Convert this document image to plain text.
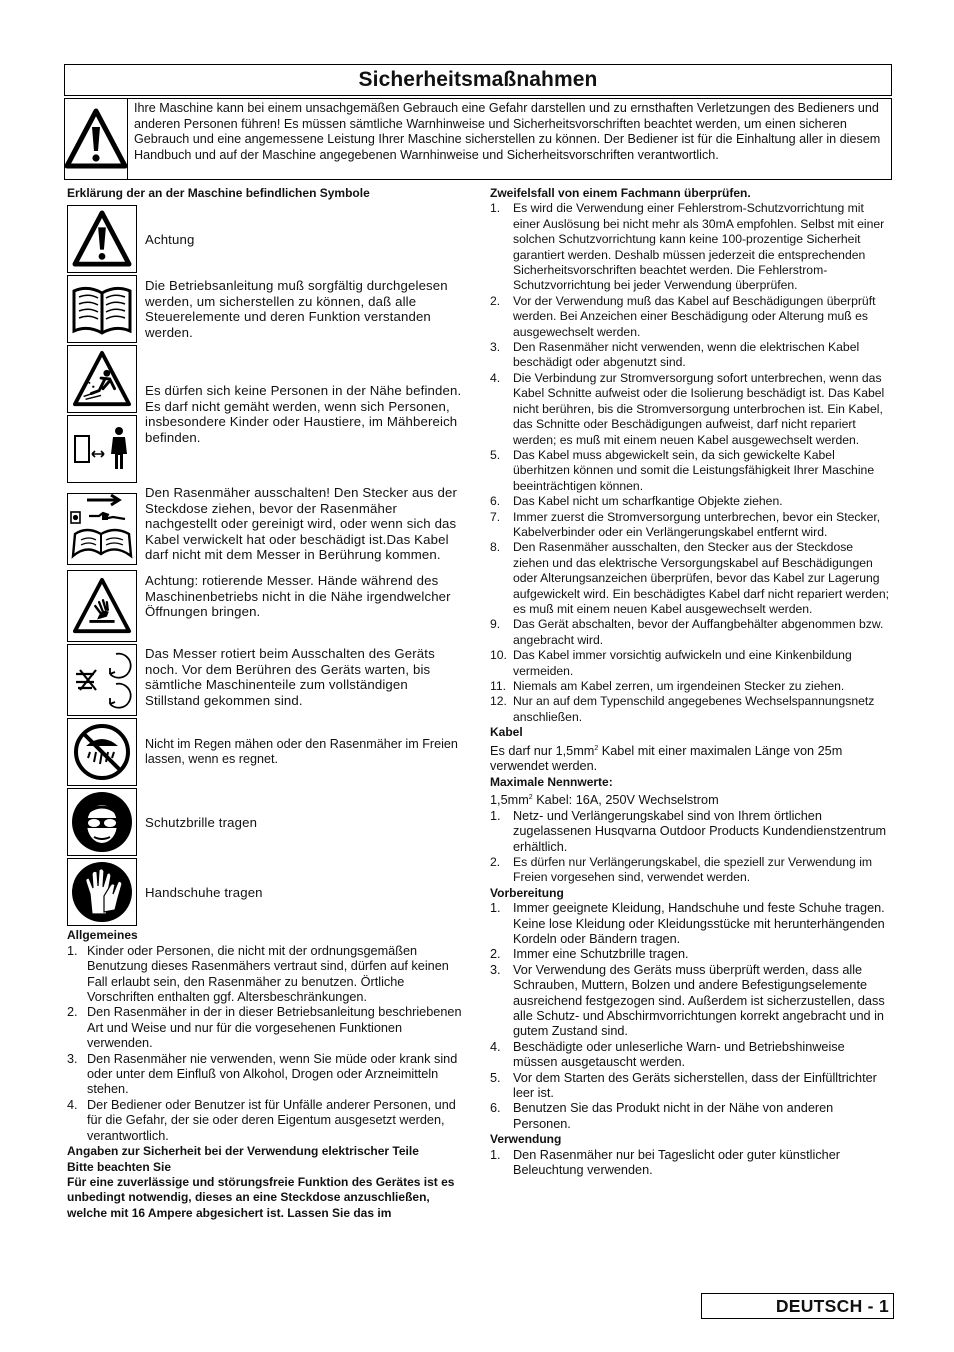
Sicherheitsmaßnahmen
Ihre Maschine kann bei einem unsachgemäßen Gebrauch eine Gefahr darstellen und zu ernsthaften Verletzungen des Bedieners und anderen Personen führen! Es müssen sämtliche Warnhinweise und Sicherheitsvorschriften beachtet werden, um einen sicheren Gebrauch und eine angemessene Leistung Ihrer Maschine sicherstellen zu können. Der Bediener ist für die Einhaltung aller in diesem Handbuch und auf der Maschine angegebenen Warnhinweise und Sicherheitsvorschriften verantwortlich.
Erklärung der an der Maschine befindlichen Symbole
Achtung
Die Betriebsanleitung muß sorgfältig durchgelesen werden, um sicherstellen zu können, daß alle Steuerelemente und deren Funktion verstanden werden.
Es dürfen sich keine Personen in der Nähe befinden. Es darf nicht gemäht werden, wenn sich Personen, insbesondere Kinder oder Haustiere, im Mähbereich befinden.
Den Rasenmäher ausschalten! Den Stecker aus der Steckdose ziehen, bevor der Rasenmäher nachgestellt oder gereinigt wird, oder wenn sich das Kabel verwickelt hat oder beschädigt ist.Das Kabel darf nicht mit dem Messer in Berührung kommen.
Achtung: rotierende Messer. Hände während des Maschinenbetriebs nicht in die Nähe irgendwelcher Öffnungen bringen.
Das Messer rotiert beim Ausschalten des Geräts noch. Vor dem Berühren des Geräts warten, bis sämtliche Maschinenteile zum vollständigen Stillstand gekommen sind.
Nicht im Regen mähen oder den Rasenmäher im Freien lassen, wenn es regnet.
Schutzbrille tragen
Handschuhe tragen
Allgemeines
1. Kinder oder Personen, die nicht mit der ordnungsgemäßen Benutzung dieses Rasenmähers vertraut sind, dürfen auf keinen Fall erlaubt sein, den Rasenmäher zu benutzen. Örtliche Vorschriften enthalten ggf. Altersbeschränkungen.
2. Den Rasenmäher in der in dieser Betriebsanleitung beschriebenen Art und Weise und nur für die vorgesehenen Funktionen verwenden.
3. Den Rasenmäher nie verwenden, wenn Sie müde oder krank sind oder unter dem Einfluß von Alkohol, Drogen oder Arzneimitteln stehen.
4. Der Bediener oder Benutzer ist für Unfälle anderer Personen, und für die Gefahr, der sie oder deren Eigentum ausgesetzt werden, verantwortlich.
Angaben zur Sicherheit bei der Verwendung elektrischer Teile
Bitte beachten Sie
Für eine zuverlässige und störungsfreie Funktion des Gerätes ist es unbedingt notwendig, dieses an eine Steckdose anzuschließen, welche mit 16 Ampere abgesichert ist. Lassen Sie das im
Zweifelsfall von einem Fachmann überprüfen.
1.	Es wird die Verwendung einer Fehlerstrom-Schutzvorrichtung mit einer Auslösung bei nicht mehr als 30mA empfohlen. Selbst mit einer solchen Schutzvorrichtung kann keine 100-prozentige Sicherheit garantiert werden. Deshalb müssen jederzeit die entsprechenden Sicherheitsvorschriften beachtet werden. Die Fehlerstrom-Schutzvorrichtung bei jeder Verwendung überprüfen.
2.	Vor der Verwendung muß das Kabel auf Beschädigungen überprüft werden. Bei Anzeichen einer Beschädigung oder Alterung muß es ausgewechselt werden.
3.	Den Rasenmäher nicht verwenden, wenn die elektrischen Kabel beschädigt oder abgenutzt sind.
4.	Die Verbindung zur Stromversorgung sofort unterbrechen, wenn das Kabel Schnitte aufweist oder die Isolierung beschädigt ist. Das Kabel nicht berühren, bis die Stromversorgung unterbrochen ist. Ein Kabel, das Schnitte oder Beschädigungen aufweist, darf nicht repariert werden; es muß mit einem neuen Kabel ausgewechselt werden.
5.	Das Kabel muss abgewickelt sein, da sich gewickelte Kabel überhitzen können und somit die Leistungsfähigkeit Ihrer Maschine beeinträchtigen können.
6.	Das Kabel nicht um scharfkantige Objekte ziehen.
7.	Immer zuerst die Stromversorgung unterbrechen, bevor ein Stecker, Kabelverbinder oder ein Verlängerungskabel entfernt wird.
8.	Den Rasenmäher ausschalten, den Stecker aus der Steckdose ziehen und das elektrische Versorgungskabel auf Beschädigungen oder Alterungsanzeichen überprüfen, bevor das Kabel zur Lagerung aufgewickelt wird. Ein beschädigtes Kabel darf nicht repariert werden; es muß mit einem neuen Kabel ausgewechselt werden.
9.	Das Gerät abschalten, bevor der Auffangbehälter abgenommen bzw. angebracht wird.
10. Das Kabel immer vorsichtig aufwickeln und eine Kinkenbildung vermeiden.
11. Niemals am Kabel zerren, um irgendeinen Stecker zu ziehen.
12. Nur an auf dem Typenschild angegebenes Wechselspannungsnetz anschließen.
Kabel
Es darf nur $1,5mm^2$ Kabel mit einer maximalen Länge von 25m verwendet werden.
Maximale Nennwerte:
$1,5mm^2$ Kabel: 16A, 250V Wechselstrom
1. Netz- und Verlängerungskabel sind von Ihrem örtlichen zugelassenen Husqvarna Outdoor Products Kundendienstzentrum erhältlich.
2.	Es dürfen nur Verlängerungskabel, die speziell zur Verwendung im Freien vorgesehen sind, verwendet werden.
Vorbereitung
1. Immer geeignete Kleidung, Handschuhe und feste Schuhe tragen. Keine lose Kleidung oder Kleidungsstücke mit herunterhängenden Kordeln oder Bändern tragen.
2. Immer eine Schutzbrille tragen.
3. Vor Verwendung des Geräts muss überprüft werden, dass alle Schrauben, Muttern, Bolzen und andere Befestigungselemente ausreichend festgezogen sind. Außerdem ist sicherzustellen, dass alle Schutz- und Abschirmvorrichtungen korrekt angebracht und in gutem Zustand sind.
4. Beschädigte oder unleserliche Warn- und Betriebshinweise müssen ausgetauscht werden.
5. Vor dem Starten des Geräts sicherstellen, dass der Einfülltrichter leer ist.
6. Benutzen Sie das Produkt nicht in der Nähe von anderen Personen.
Verwendung
1. Den Rasenmäher nur bei Tageslicht oder guter künstlicher Beleuchtung verwenden.
DEUTSCH - 1
